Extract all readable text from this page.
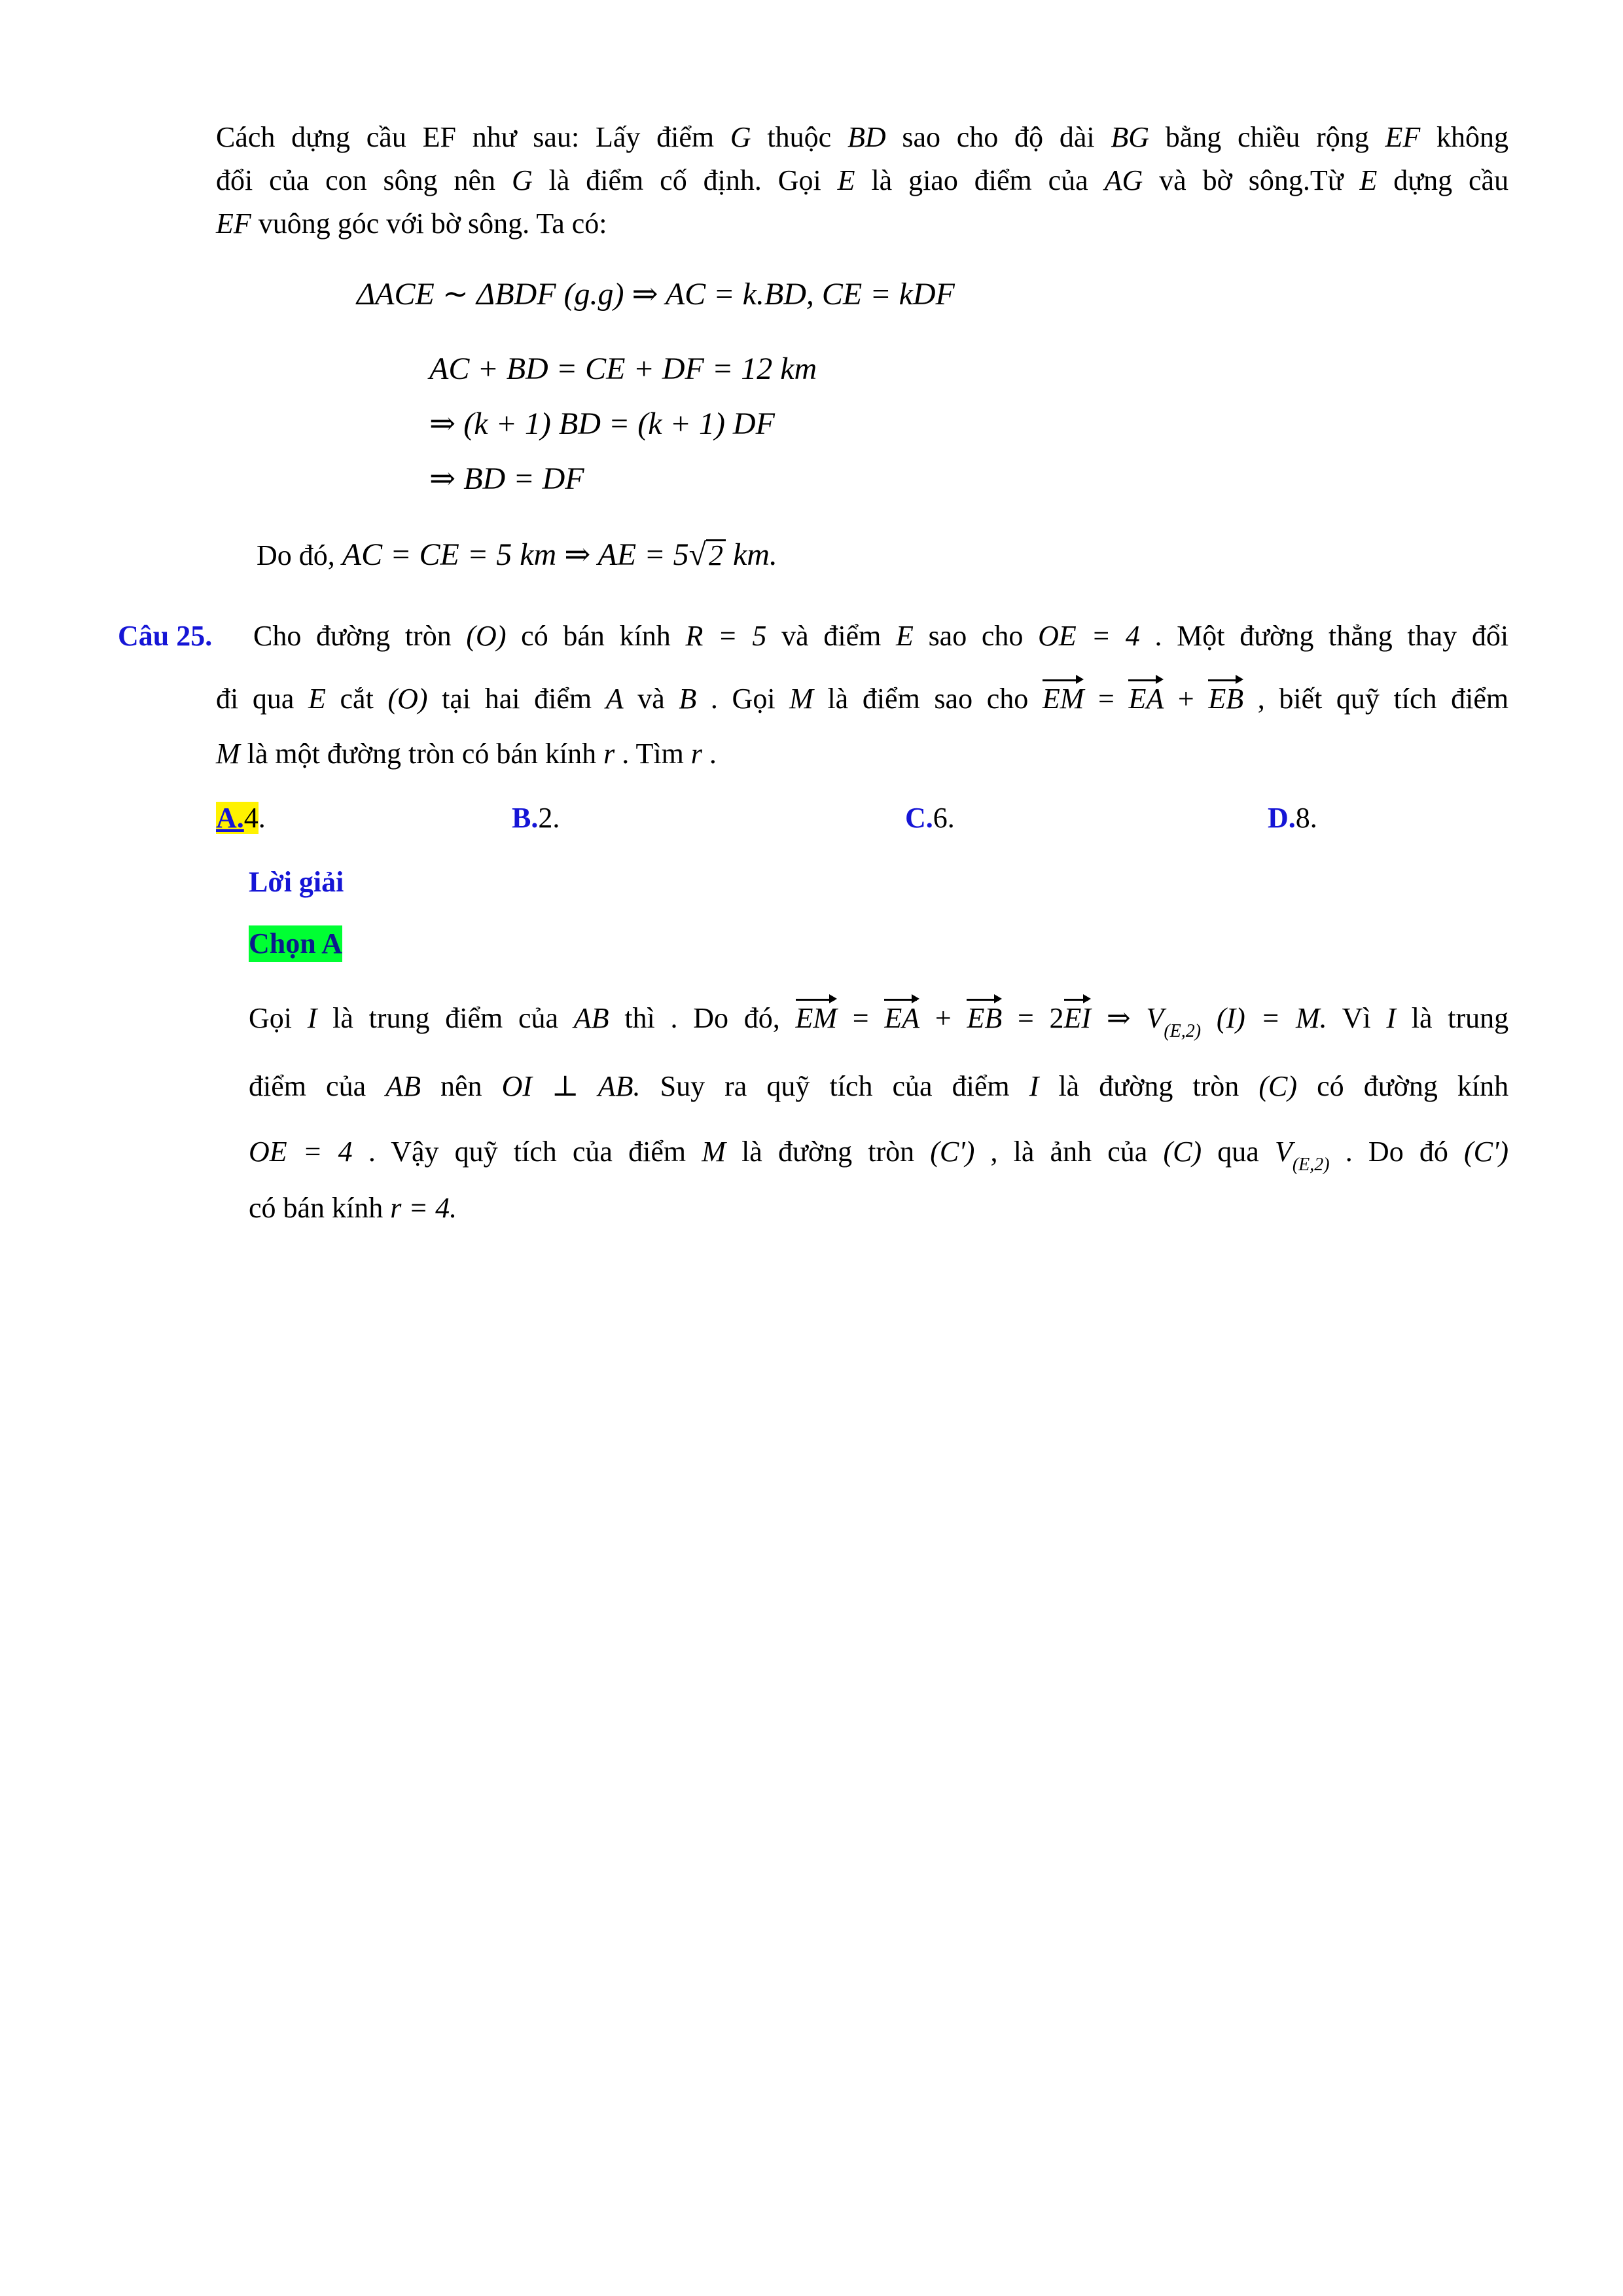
Cách dựng cầu EF như sau: Lấy điểm G thuộc BD sao cho độ dài BG bằng chiều rộng EF không
đổi của con sông nên G là điểm cố định. Gọi E là giao điểm của AG và bờ sông.Từ E dựng cầu
EF vuông góc với bờ sông. Ta có:
ΔACE ∼ ΔBDF (g.g) ⇒ AC = k.BD, CE = kDF
AC + BD = CE + DF = 12 km
⇒ (k + 1) BD = (k + 1) DF
⇒ BD = DF
Do đó, AC = CE = 5 km ⇒ AE = 5√2 km.
Câu 25. Cho đường tròn (O) có bán kính R = 5 và điểm E sao cho OE = 4 . Một đường thẳng thay đổi
đi qua E cắt (O) tại hai điểm A và B . Gọi M là điểm sao cho EM = EA + EB , biết quỹ tích điểm
M là một đường tròn có bán kính r . Tìm r .
A.4.	B.2.	C.6.	D.8.
Lời giải
Chọn A
Gọi I là trung điểm của AB thì . Do đó, EM = EA + EB = 2EI ⇒ $V_{(E,2)}$ (I) = M. Vì I là trung
điểm của AB nên OI ⊥ AB. Suy ra quỹ tích của điểm I là đường tròn (C) có đường kính
OE = 4 . Vậy quỹ tích của điểm M là đường tròn (C') , là ảnh của (C) qua $V_{(E,2)}$ . Do đó (C')
có bán kính r = 4.
